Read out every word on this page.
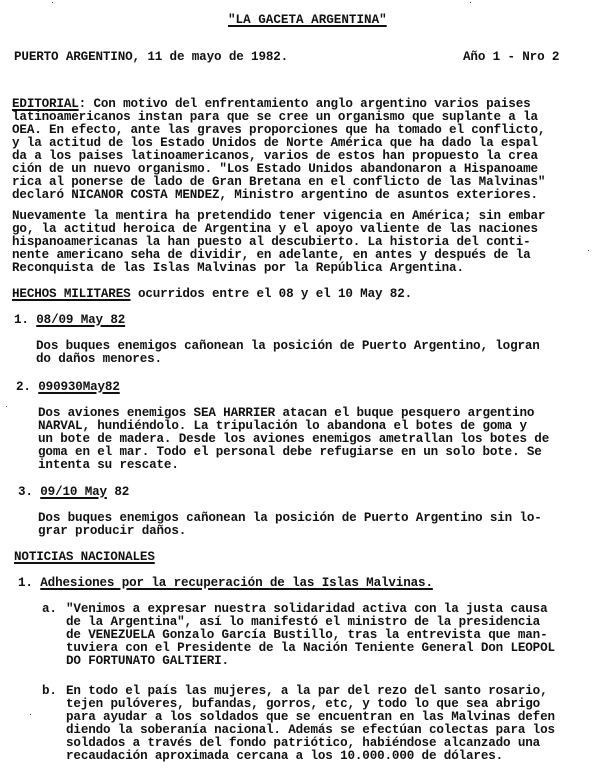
"LA GACETA ARGENTINA"
PUERTO ARGENTINO, 11 de mayo de 1982.	Año 1 - Nro 2
EDITORIAL: Con motivo del enfrentamiento anglo argentino varios paises
latinoamericanos instan para que se cree un organismo que suplante a la
OEA. En efecto, ante las graves proporciones que ha tomado el conflicto,
y la actitud de los Estado Unidos de Norte América que ha dado la espal
da a los paises latinoamericanos, varios de estos han propuesto la crea
ción de un nuevo organismo. "Los Estado Unidos abandonaron a Hispanoame
rica al ponerse de lado de Gran Bretana en el conflicto de las Malvinas"
declaró NICANOR COSTA MENDEZ, Ministro argentino de asuntos exteriores.
Nuevamente la mentira ha pretendido tener vigencia en América; sin embar
go, la actitud heroica de Argentina y el apoyo valiente de las naciones
hispanoamericanas la han puesto al descubierto. La historia del conti-
nente americano seha de dividir, en adelante, en antes y después de la
Reconquista de las Islas Malvinas por la República Argentina.
HECHOS MILITARES ocurridos entre el 08 y el 10 May 82.
1. 08/09 May 82
Dos buques enemigos cañonean la posición de Puerto Argentino, logran
do daños menores.
2. 090930May82
Dos aviones enemigos SEA HARRIER atacan el buque pesquero argentino
NARVAL, hundiéndolo. La tripulación lo abandona el botes de goma y
un bote de madera. Desde los aviones enemigos ametrallan los botes de
goma en el mar. Todo el personal debe refugiarse en un solo bote. Se
intenta su rescate.
3. 09/10 May 82
Dos buques enemigos cañonean la posición de Puerto Argentino sin lo-
grar producir daños.
NOTICIAS NACIONALES
1. Adhesiones por la recuperación de las Islas Malvinas.
a. "Venimos a expresar nuestra solidaridad activa con la justa causa
de la Argentina", así lo manifestó el ministro de la presidencia
de VENEZUELA Gonzalo García Bustillo, tras la entrevista que man-
tuviera con el Presidente de la Nación Teniente General Don LEOPOL
DO FORTUNATO GALTIERI.
b. En todo el país las mujeres, a la par del rezo del santo rosario,
tejen pulóveres, bufandas, gorros, etc, y todo lo que sea abrigo
para ayudar a los soldados que se encuentran en las Malvinas defen
diendo la soberanía nacional. Además se efectúan colectas para los
soldados a través del fondo patriótico, habiéndose alcanzado una
recaudación aproximada cercana a los 10.000.000 de dólares.
